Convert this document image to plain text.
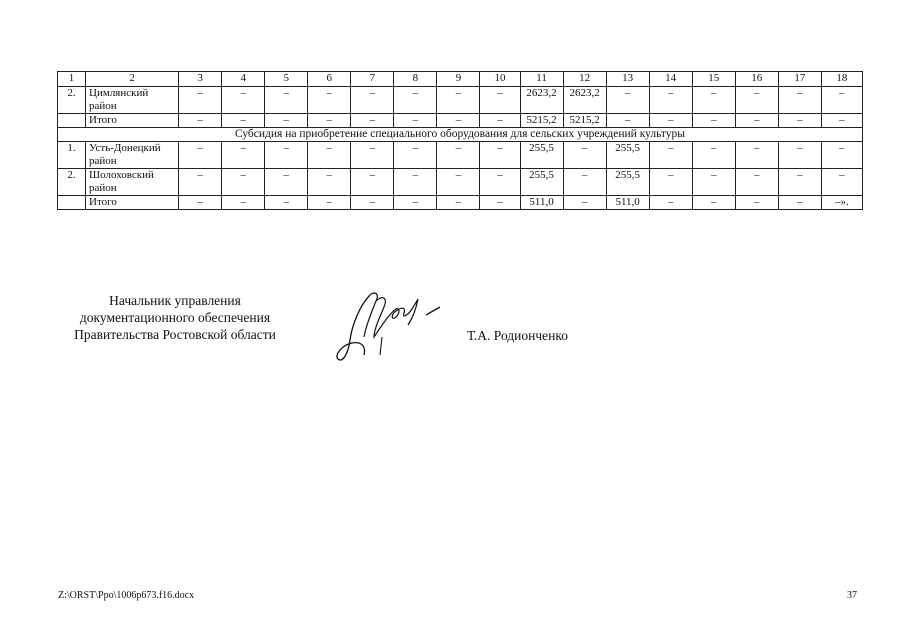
1	2	3	4	5	6	7	8	9	10	11	12	13	14	15	16	17	18
2.	Цимлянский район	–	–	–	–	–	–	–	–	2623,2	2623,2	–	–	–	–	–	–
	Итого	–	–	–	–	–	–	–	–	5215,2	5215,2	–	–	–	–	–	–
Субсидия на приобретение специального оборудования для сельских учреждений культуры																	
1.	Усть-Донецкий район	–	–	–	–	–	–	–	–	255,5	–	255,5	–	–	–	–	–
2.	Шолоховский район	–	–	–	–	–	–	–	–	255,5	–	255,5	–	–	–	–	–
	Итого	–	–	–	–	–	–	–	–	511,0	–	511,0	–	–	–	–	–».
Начальник управления
документационного обеспечения
Правительства Ростовской области	Т.А. Родионченко
Z:\ORST\Ppo\1006p673.f16.docx	37
